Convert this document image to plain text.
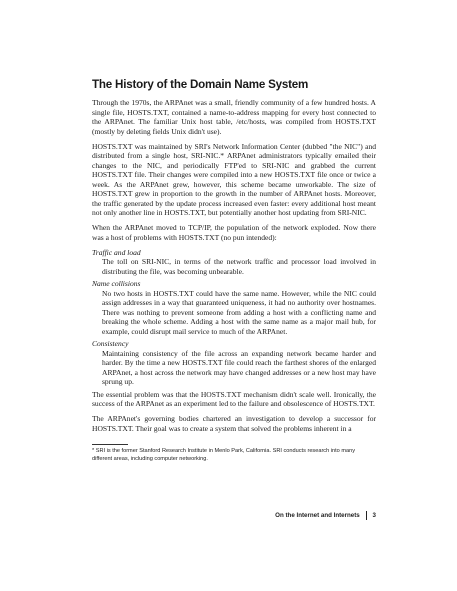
The History of the Domain Name System

Through the 1970s, the ARPAnet was a small, friendly community of a few hundred hosts. A single file, HOSTS.TXT, contained a name-to-address mapping for every host connected to the ARPAnet. The familiar Unix host table, /etc/hosts, was compiled from HOSTS.TXT (mostly by deleting fields Unix didn't use).

HOSTS.TXT was maintained by SRI's Network Information Center (dubbed "the NIC") and distributed from a single host, SRI-NIC.* ARPAnet administrators typically emailed their changes to the NIC, and periodically FTP'ed to SRI-NIC and grabbed the current HOSTS.TXT file. Their changes were compiled into a new HOSTS.TXT file once or twice a week. As the ARPAnet grew, however, this scheme became unworkable. The size of HOSTS.TXT grew in proportion to the growth in the number of ARPAnet hosts. Moreover, the traffic generated by the update process increased even faster: every additional host meant not only another line in HOSTS.TXT, but potentially another host updating from SRI-NIC.

When the ARPAnet moved to TCP/IP, the population of the network exploded. Now there was a host of problems with HOSTS.TXT (no pun intended):

Traffic and load
The toll on SRI-NIC, in terms of the network traffic and processor load involved in distributing the file, was becoming unbearable.
Name collisions
No two hosts in HOSTS.TXT could have the same name. However, while the NIC could assign addresses in a way that guaranteed uniqueness, it had no authority over hostnames. There was nothing to prevent someone from adding a host with a conflicting name and breaking the whole scheme. Adding a host with the same name as a major mail hub, for example, could disrupt mail service to much of the ARPAnet.
Consistency
Maintaining consistency of the file across an expanding network became harder and harder. By the time a new HOSTS.TXT file could reach the farthest shores of the enlarged ARPAnet, a host across the network may have changed addresses or a new host may have sprung up.

The essential problem was that the HOSTS.TXT mechanism didn't scale well. Ironically, the success of the ARPAnet as an experiment led to the failure and obsolescence of HOSTS.TXT.

The ARPAnet's governing bodies chartered an investigation to develop a successor for HOSTS.TXT. Their goal was to create a system that solved the problems inherent in a

* SRI is the former Stanford Research Institute in Menlo Park, California. SRI conducts research into many different areas, including computer networking.
On the Internet and Internets 3
